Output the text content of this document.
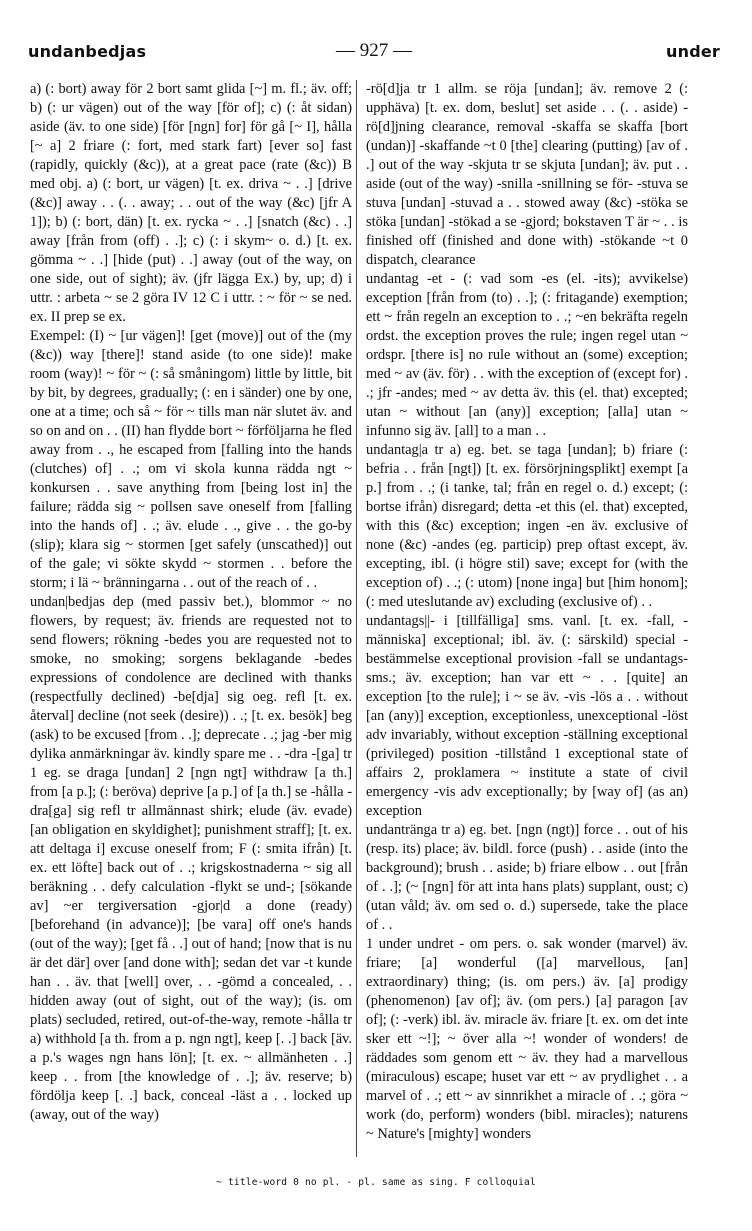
undanbedjas	— 927 —	under

a) (: bort) away för 2 bort samt glida [~] m. fl.; äv. off; b) (: ur vägen) out of the way [för of]; c) (: åt sidan) aside (äv. to one side) [för [ngn] for] för gå [~ I], hålla [~ a] 2 friare (: fort, med stark fart) [ever so] fast (rapidly, quickly (&c)), at a great pace (rate (&c)) B med obj. a) (: bort, ur vägen) [t. ex. driva ~ . .] [drive (&c)] away . . (. . away; . . out of the way (&c) [jfr A 1]); b) (: bort, dän) [t. ex. rycka ~ . .] [snatch (&c) . .] away [från from (off) . .]; c) (: i skym~ o. d.) [t. ex. gömma ~ . .] [hide (put) . .] away (out of the way, on one side, out of sight); äv. (jfr lägga Ex.) by, up; d) i uttr. : arbeta ~ se 2 göra IV 12 C i uttr. : ~ för ~ se ned. ex. II prep se ex.

Exempel: (I) ~ [ur vägen]! [get (move)] out of the (my (&c)) way [there]! stand aside (to one side)! make room (way)! ~ för ~ (: så småningom) little by little, bit by bit, by degrees, gradually; (: en i sänder) one by one, one at a time; och så ~ för ~ tills man när slutet äv. and so on and on . . (II) han flydde bort ~ förföljarna he fled away from . ., he escaped from [falling into the hands (clutches) of] . .; om vi skola kunna rädda ngt ~ konkursen . . save anything from [being lost in] the failure; rädda sig ~ pollsen save oneself from [falling into the hands of] . .; äv. elude . ., give . . the go-by (slip); klara sig ~ stormen [get safely (unscathed)] out of the gale; vi sökte skydd ~ stormen . . before the storm; i lä ~ bränningarna . . out of the reach of . .

undan|bedjas dep (med passiv bet.), blommor ~ no flowers, by request; äv. friends are requested not to send flowers; rökning -bedes you are requested not to smoke, no smoking; sorgens beklagande -bedes expressions of condolence are declined with thanks (respectfully declined) -be[dja] sig oeg. refl [t. ex. återval] decline (not seek (desire)) . .; [t. ex. besök] beg (ask) to be excused [from . .]; deprecate . .; jag -ber mig dylika anmärkningar äv. kindly spare me . . -dra -[ga] tr 1 eg. se draga [undan] 2 [ngn ngt] withdraw [a th.] from [a p.]; (: beröva) deprive [a p.] of [a th.] se -hålla -dra[ga] sig refl tr allmännast shirk; elude (äv. evade) [an obligation en skyldighet]; punishment straff]; [t. ex. att deltaga i] excuse oneself from; F (: smita ifrån) [t. ex. ett löfte] back out of . .; krigskostnaderna ~ sig all beräkning . . defy calculation -flykt se und-; [sökande av] ~er tergiversation -gjor|d a done (ready) [beforehand (in advance)]; [be vara] off one's hands (out of the way); [get få . .] out of hand; [now that is nu är det där] over [and done with]; sedan det var -t kunde han . . äv. that [well] over, . . -gömd a concealed, . . hidden away (out of sight, out of the way); (is. om plats) secluded, retired, out-of-the-way, remote -hålla tr a) withhold [a th. from a p. ngn ngt], keep [. .] back [äv. a p.'s wages ngn hans lön]; [t. ex. ~ allmänheten . .] keep . . from [the knowledge of . .]; äv. reserve; b) fördölja keep [. .] back, conceal -läst a . . locked up (away, out of the way)

-rö[d]ja tr 1 allm. se röja [undan]; äv. remove 2 (: upphäva) [t. ex. dom, beslut] set aside . . (. . aside) -rö[d]jning clearance, removal -skaffa se skaffa [bort (undan)] -skaffande ~t 0 [the] clearing (putting) [av of . .] out of the way -skjuta tr se skjuta [undan]; äv. put . . aside (out of the way) -snilla -snillning se för- -stuva se stuva [undan] -stuvad a . . stowed away (&c) -stöka se stöka [undan] -stökad a se -gjord; bokstaven T är ~ . . is finished off (finished and done with) -stökande ~t 0 dispatch, clearance

undantag -et - (: vad som -es (el. -its); avvikelse) exception [från from (to) . .]; (: fritagande) exemption; ett ~ från regeln an exception to . .; ~en bekräfta regeln ordst. the exception proves the rule; ingen regel utan ~ ordspr. [there is] no rule without an (some) exception; med ~ av (äv. för) . . with the exception of (except for) . .; jfr -andes; med ~ av detta äv. this (el. that) excepted; utan ~ without [an (any)] exception; [alla] utan ~ infunno sig äv. [all] to a man . .

undantag|a tr a) eg. bet. se taga [undan]; b) friare (: befria . . från [ngt]) [t. ex. försörjningsplikt] exempt [a p.] from . .; (i tanke, tal; från en regel o. d.) except; (: bortse ifrån) disregard; detta -et this (el. that) excepted, with this (&c) exception; ingen -en äv. exclusive of none (&c) -andes (eg. particip) prep oftast except, äv. excepting, ibl. (i högre stil) save; except for (with the exception of) . .; (: utom) [none inga] but [him honom]; (: med uteslutande av) excluding (exclusive of) . .

undantags||- i [tillfälliga] sms. vanl. [t. ex. -fall, -människa] exceptional; ibl. äv. (: särskild) special -bestämmelse exceptional provision -fall se undantags- sms.; äv. exception; han var ett ~ . . [quite] an exception [to the rule]; i ~ se äv. -vis -lös a . . without [an (any)] exception, exceptionless, unexceptional -löst adv invariably, without exception -ställning exceptional (privileged) position -tillstånd 1 exceptional state of affairs 2, proklamera ~ institute a state of civil emergency -vis adv exceptionally; by [way of] (as an) exception

undantränga tr a) eg. bet. [ngn (ngt)] force . . out of his (resp. its) place; äv. bildl. force (push) . . aside (into the background); brush . . aside; b) friare elbow . . out [från of . .]; (~ [ngn] för att inta hans plats) supplant, oust; c) (utan våld; äv. om sed o. d.) supersede, take the place of . .

1 under undret - om pers. o. sak wonder (marvel) äv. friare; [a] wonderful ([a] marvellous, [an] extraordinary) thing; (is. om pers.) äv. [a] prodigy (phenomenon) [av of]; äv. (om pers.) [a] paragon [av of]; (: -verk) ibl. äv. miracle äv. friare [t. ex. om det inte sker ett ~!]; ~ över alla ~! wonder of wonders! de räddades som genom ett ~ äv. they had a marvellous (miraculous) escape; huset var ett ~ av prydlighet . . a marvel of . .; ett ~ av sinnrikhet a miracle of . .; göra ~ work (do, perform) wonders (bibl. miracles); naturens ~ Nature's [mighty] wonders

~ title-word 0 no pl. - pl. same as sing. F colloquial
